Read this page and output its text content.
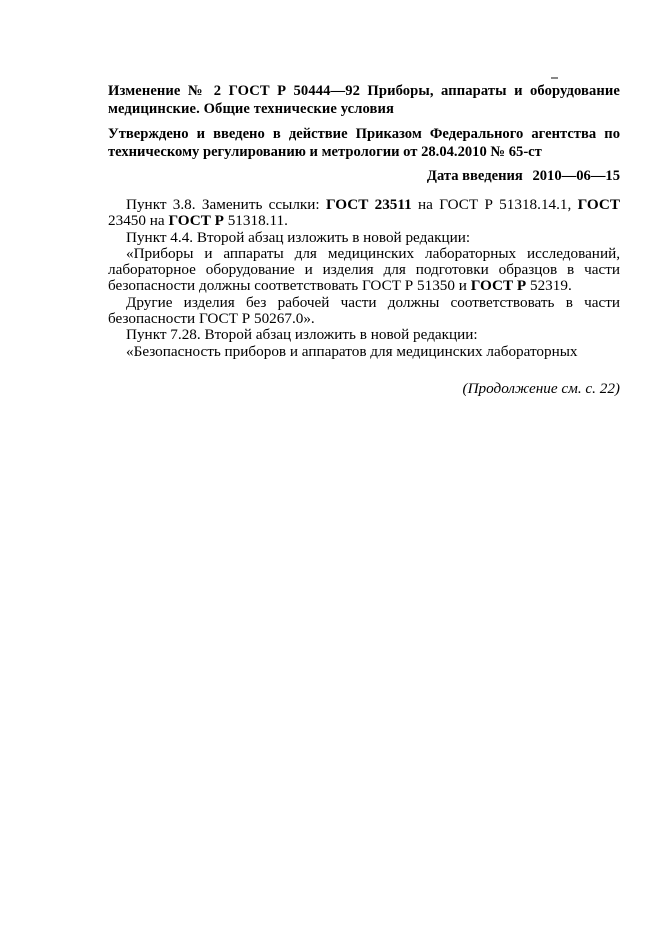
Изменение № 2 ГОСТ Р 50444—92 Приборы, аппараты и оборудование медицинские. Общие технические условия

Утверждено и введено в действие Приказом Федерального агентства по техническому регулированию и метрологии от 28.04.2010 № 65-ст

Дата введения 2010—06—15

Пункт 3.8. Заменить ссылки: ГОСТ 23511 на ГОСТ Р 51318.14.1, ГОСТ 23450 на ГОСТ Р 51318.11.

Пункт 4.4. Второй абзац изложить в новой редакции:

«Приборы и аппараты для медицинских лабораторных исследований, лабораторное оборудование и изделия для подготовки образцов в части безопасности должны соответствовать ГОСТ Р 51350 и ГОСТ Р 52319.

Другие изделия без рабочей части должны соответствовать в части безопасности ГОСТ Р 50267.0».

Пункт 7.28. Второй абзац изложить в новой редакции:

«Безопасность приборов и аппаратов для медицинских лабораторных

(Продолжение см. с. 22)
